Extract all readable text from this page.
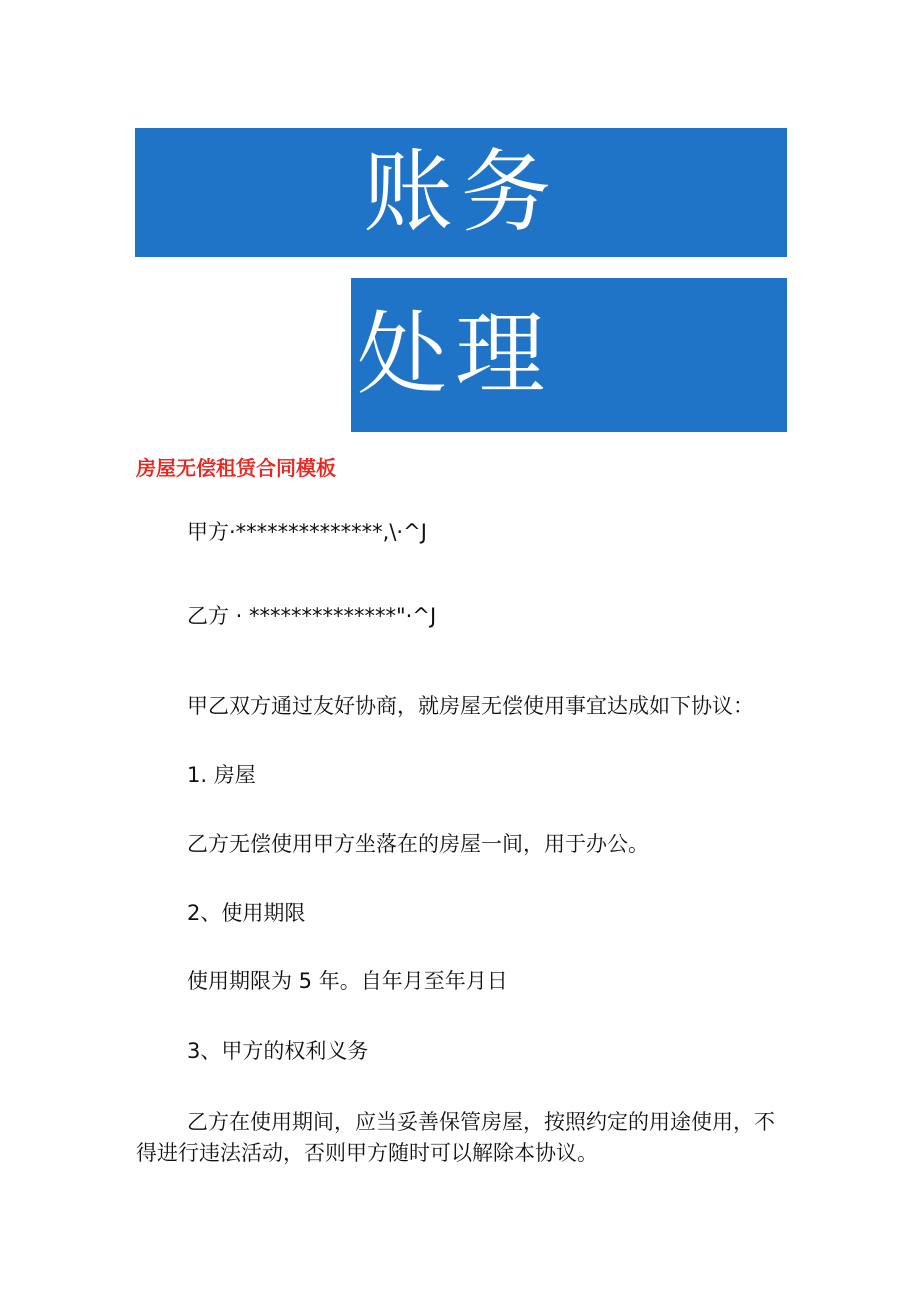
账务
处理
房屋无偿租赁合同模板
甲方·**************,\·^J
乙方 · **************"·^J
甲乙双方通过友好协商，就房屋无偿使用事宜达成如下协议：
1. 房屋
乙方无偿使用甲方坐落在的房屋一间，用于办公。
2、使用期限
使用期限为 5 年。自年月至年月日
3、甲方的权利义务
乙方在使用期间，应当妥善保管房屋，按照约定的用途使用，不得进行违法活动，否则甲方随时可以解除本协议。
